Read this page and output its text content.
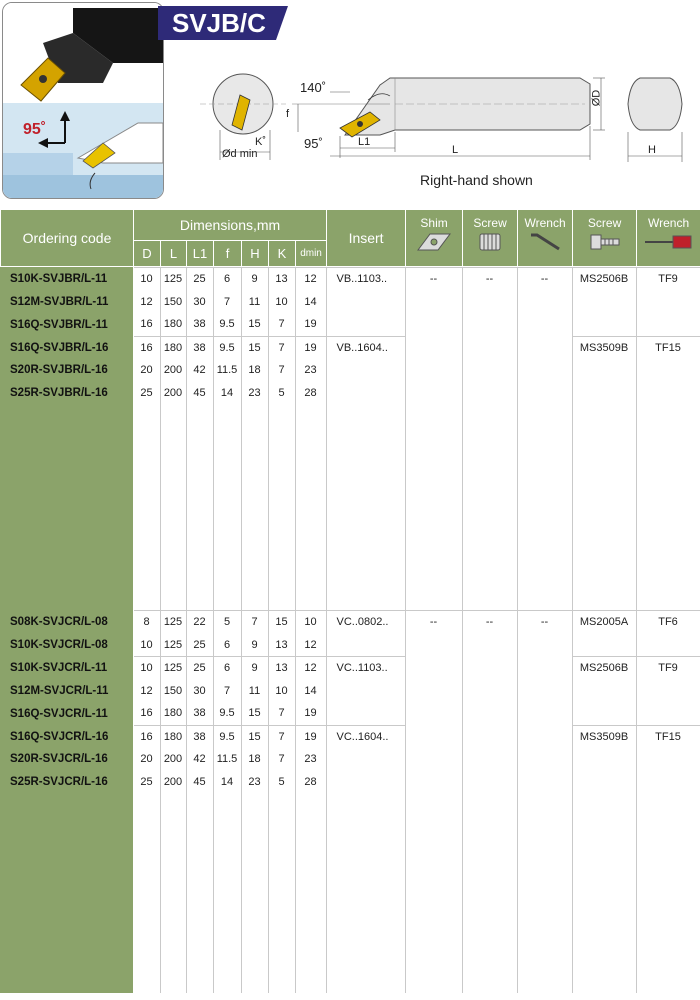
95˚
SVJB/C
140˚
95˚
f
K˚
Ød min
L1
L
ØD
H
Right-hand shown
Ordering code	Dimensions,mm							Insert	Shim	Screw	Wrench	Screw	Wrench

	D	L	L1	f	H	K	dmin						
S10K-SVJBR/L-11	10	125	25	6	9	13	12	VB..1103..	--	--	--	MS2506B	TF9	
S12M-SVJBR/L-11	12	150	30	7	11	10	14							
S16Q-SVJBR/L-11	16	180	38	9.5	15	7	19							
S16Q-SVJBR/L-16	16	180	38	9.5	15	7	19	VB..1604..				MS3509B	TF15	
S20R-SVJBR/L-16	20	200	42	11.5	18	7	23							
S25R-SVJBR/L-16	25	200	45	14	23	5	28							

S08K-SVJCR/L-08	8	125	22	5	7	15	10	VC..0802..	--	--	--	MS2005A	TF6	
S10K-SVJCR/L-08	10	125	25	6	9	13	12							
S10K-SVJCR/L-11	10	125	25	6	9	13	12	VC..1103..				MS2506B	TF9	
S12M-SVJCR/L-11	12	150	30	7	11	10	14							
S16Q-SVJCR/L-11	16	180	38	9.5	15	7	19							
S16Q-SVJCR/L-16	16	180	38	9.5	15	7	19	VC..1604..				MS3509B	TF15	
S20R-SVJCR/L-16	20	200	42	11.5	18	7	23							
S25R-SVJCR/L-16	25	200	45	14	23	5	28							
